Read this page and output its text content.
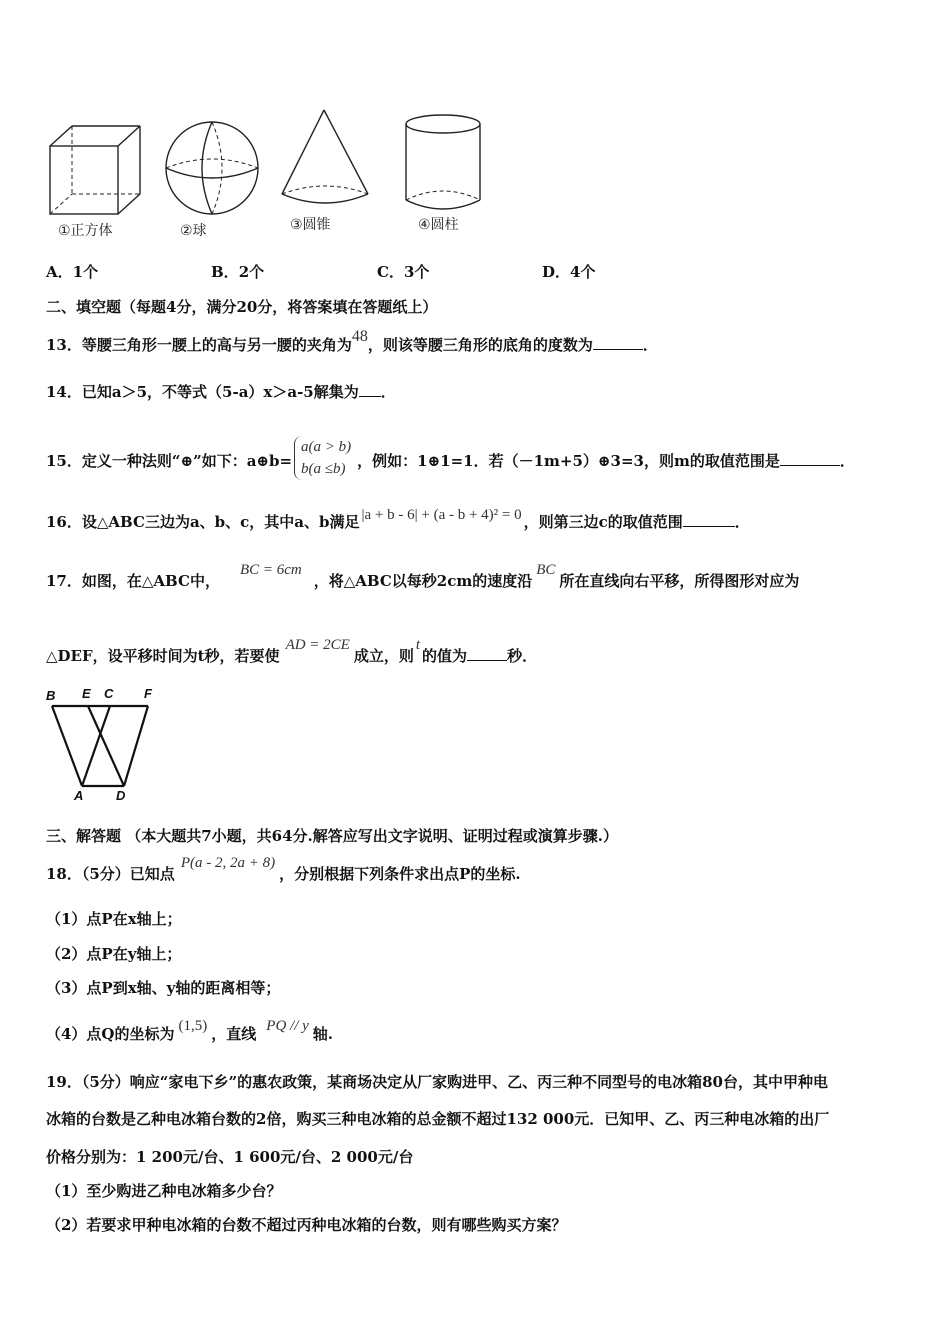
①正方体	②球	③圆锥	④圆柱
A．1个	B．2个	C．3个	D．4个
二、填空题（每题4分，满分20分，将答案填在答题纸上）
13．等腰三角形一腰上的高与另一腰的夹角为48，则该等腰三角形的底角的度数为	．
14．已知a＞5，不等式（5-a）x＞a-5解集为 ．
15．定义一种法则“⊕”如下：a⊕b=
a(a > b)
b(a ≤b) ，例如：1⊕1=1．若（－1m+5）⊕3=3，则m的取值范围是	．
16．设△ABC三边为a、b、c，其中a、b满足 |a + b - 6| + (a - b + 4)² = 0 ，则第三边c的取值范围	．
17．如图，在△ABC中，BC = 6cm，将△ABC以每秒2cm的速度沿BC所在直线向右平移，所得图形对应为
△DEF，设平移时间为t秒，若要使AD = 2CE成立，则t的值为	秒．
B E C F
A	D
三、解答题 （本大题共7小题，共64分.解答应写出文字说明、证明过程或演算步骤.）
18．（5分）已知点P(a - 2, 2a + 8)，分别根据下列条件求出点P的坐标.
（1）点P在x轴上；
（2）点P在y轴上；
（3）点P到x轴、y轴的距离相等；
（4）点Q的坐标为 (1,5) ，直线 PQ // y 轴.
19．（5分）响应“家电下乡”的惠农政策，某商场决定从厂家购进甲、乙、丙三种不同型号的电冰箱80台，其中甲种电
冰箱的台数是乙种电冰箱台数的2倍，购买三种电冰箱的总金额不超过132 000元．已知甲、乙、丙三种电冰箱的出厂
价格分别为：1 200元/台、1 600元/台、2 000元/台
（1）至少购进乙种电冰箱多少台？
（2）若要求甲种电冰箱的台数不超过丙种电冰箱的台数，则有哪些购买方案？
